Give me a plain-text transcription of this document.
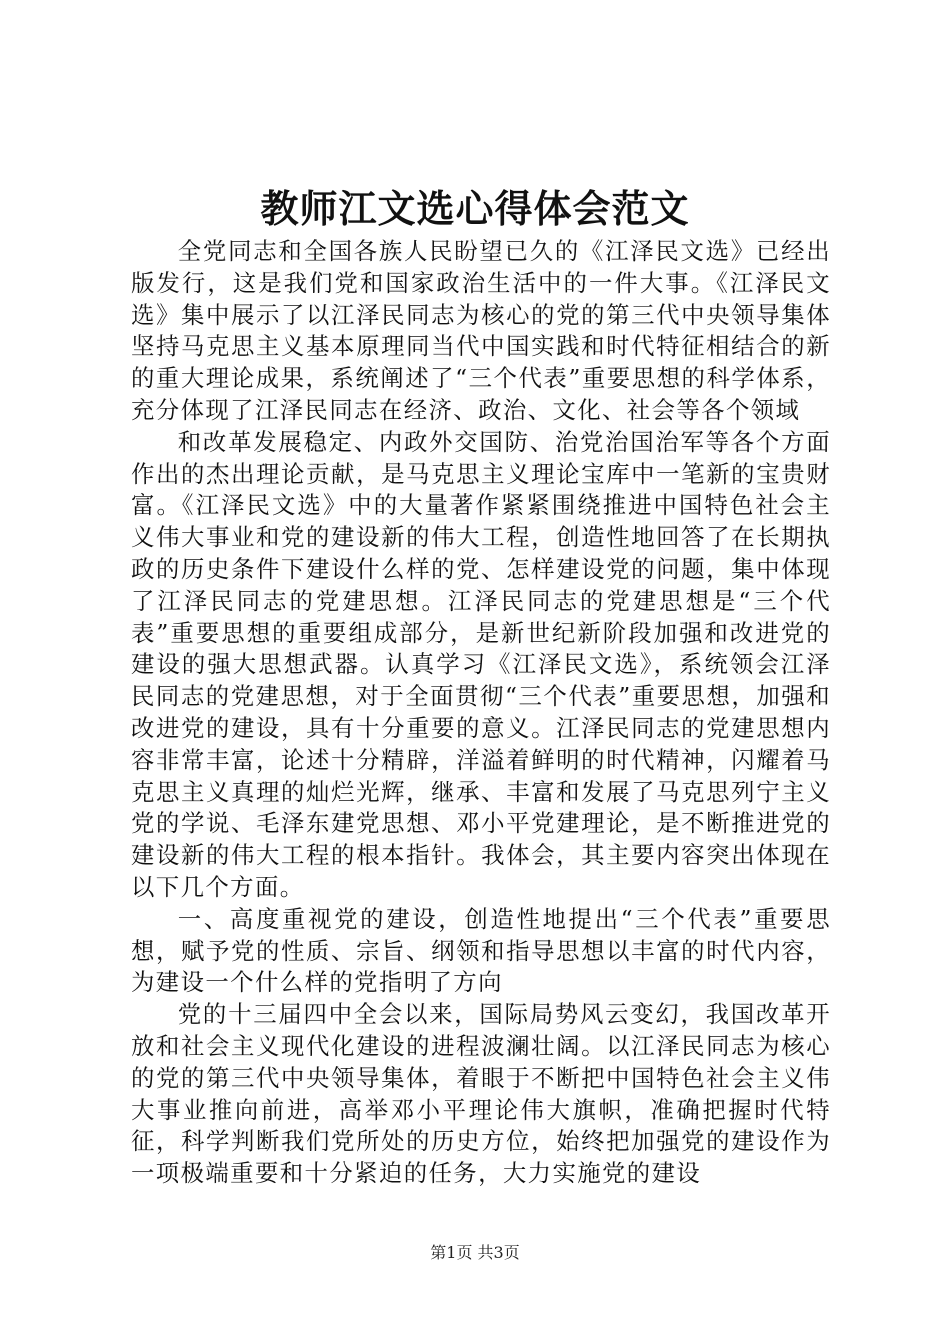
教师江文选心得体会范文

全党同志和全国各族人民盼望已久的《江泽民文选》已经出版发行，这是我们党和国家政治生活中的一件大事。《江泽民文选》集中展示了以江泽民同志为核心的党的第三代中央领导集体坚持马克思主义基本原理同当代中国实践和时代特征相结合的新的重大理论成果，系统阐述了“三个代表”重要思想的科学体系，充分体现了江泽民同志在经济、政治、文化、社会等各个领域

和改革发展稳定、内政外交国防、治党治国治军等各个方面作出的杰出理论贡献，是马克思主义理论宝库中一笔新的宝贵财富。《江泽民文选》中的大量著作紧紧围绕推进中国特色社会主义伟大事业和党的建设新的伟大工程，创造性地回答了在长期执政的历史条件下建设什么样的党、怎样建设党的问题，集中体现了江泽民同志的党建思想。江泽民同志的党建思想是“三个代表”重要思想的重要组成部分，是新世纪新阶段加强和改进党的建设的强大思想武器。认真学习《江泽民文选》，系统领会江泽民同志的党建思想，对于全面贯彻“三个代表”重要思想，加强和改进党的建设，具有十分重要的意义。江泽民同志的党建思想内容非常丰富，论述十分精辟，洋溢着鲜明的时代精神，闪耀着马克思主义真理的灿烂光辉，继承、丰富和发展了马克思列宁主义党的学说、毛泽东建党思想、邓小平党建理论，是不断推进党的建设新的伟大工程的根本指针。我体会，其主要内容突出体现在以下几个方面。

一、高度重视党的建设，创造性地提出“三个代表”重要思想，赋予党的性质、宗旨、纲领和指导思想以丰富的时代内容，为建设一个什么样的党指明了方向

党的十三届四中全会以来，国际局势风云变幻，我国改革开放和社会主义现代化建设的进程波澜壮阔。以江泽民同志为核心的党的第三代中央领导集体，着眼于不断把中国特色社会主义伟大事业推向前进，高举邓小平理论伟大旗帜，准确把握时代特征，科学判断我们党所处的历史方位，始终把加强党的建设作为一项极端重要和十分紧迫的任务，大力实施党的建设

第1页 共3页
